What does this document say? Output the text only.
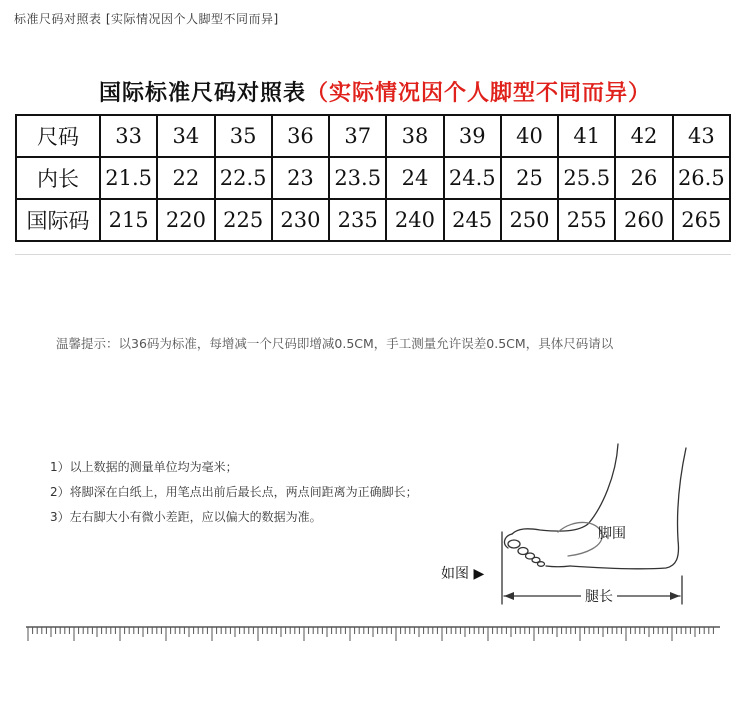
标准尺码对照表 [实际情况因个人脚型不同而异]
国际标准尺码对照表（实际情况因个人脚型不同而异）
尺码	33	34	35	36	37	38	39	40	41	42	43
内长	21.5	22	22.5	23	23.5	24	24.5	25	25.5	26	26.5
国际码	215	220	225	230	235	240	245	250	255	260	265
温馨提示：以36码为标准，每增减一个尺码即增减0.5CM，手工测量允许误差0.5CM，具体尺码请以
1）以上数据的测量单位均为毫米；
2）将脚深在白纸上，用笔点出前后最长点，两点间距离为正确脚长；
3）左右脚大小有微小差距，应以偏大的数据为准。
如图 ▶
脚围
腿长
